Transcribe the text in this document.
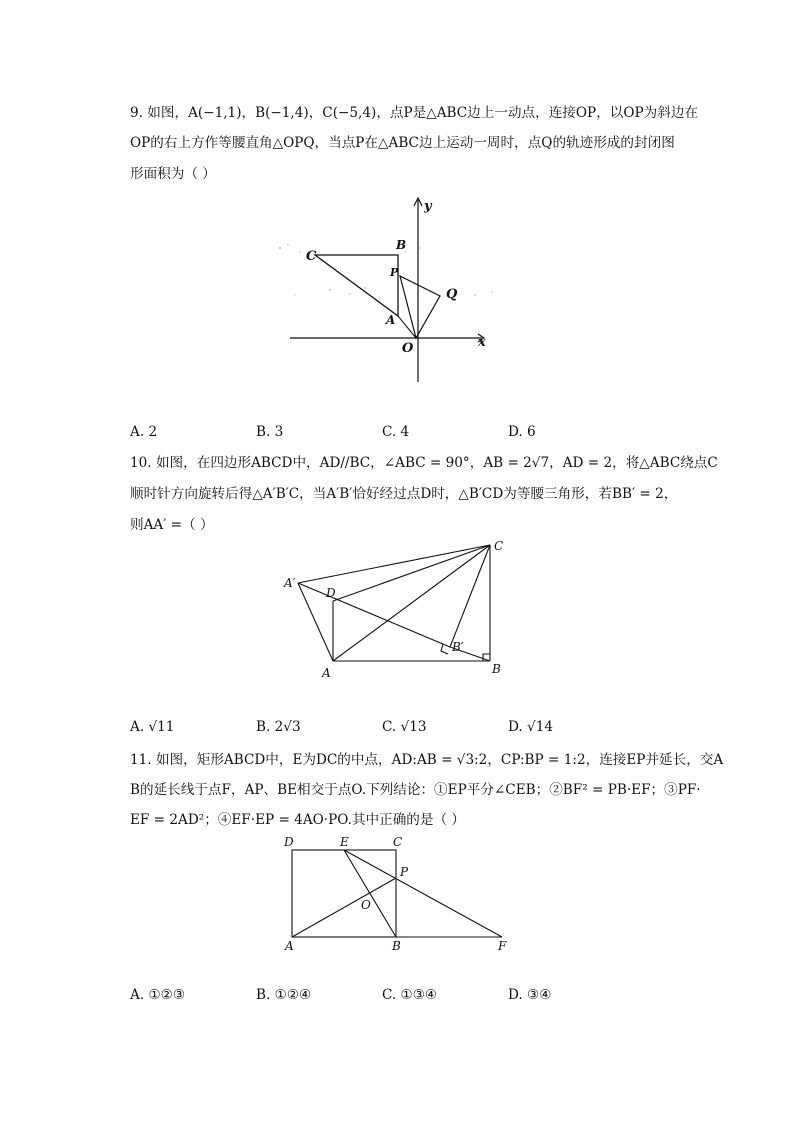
9. 如图，A(−1,1)，B(−1,4)，C(−5,4)，点P是△ABC边上一动点，连接OP，以OP为斜边在
OP的右上方作等腰直角△OPQ，当点P在△ABC边上运动一周时，点Q的轨迹形成的封闭图
形面积为（ ）
y
x
B
C
P
Q
A
O
A. 2	B. 3	C. 4	D. 6
10. 如图，在四边形ABCD中，AD//BC，∠ABC = 90°，AB = 2√7，AD = 2，将△ABC绕点C
顺时针方向旋转后得△A′B′C，当A′B′恰好经过点D时，△B′CD为等腰三角形，若BB′ = 2，
则AA′ =（ ）
C
A′
D
B′
A	B
A. √11	B. 2√3	C. √13	D. √14
11. 如图，矩形ABCD中，E为DC的中点，AD:AB = √3:2，CP:BP = 1:2，连接EP并延长，交A
B的延长线于点F，AP、BE相交于点O.下列结论：①EP平分∠CEB；②BF² = PB·EF；③PF·
EF = 2AD²；④EF·EP = 4AO·PO.其中正确的是（ ）
D	E	C
P
O
A	B	F
A. ①②③	B. ①②④	C. ①③④	D. ③④
